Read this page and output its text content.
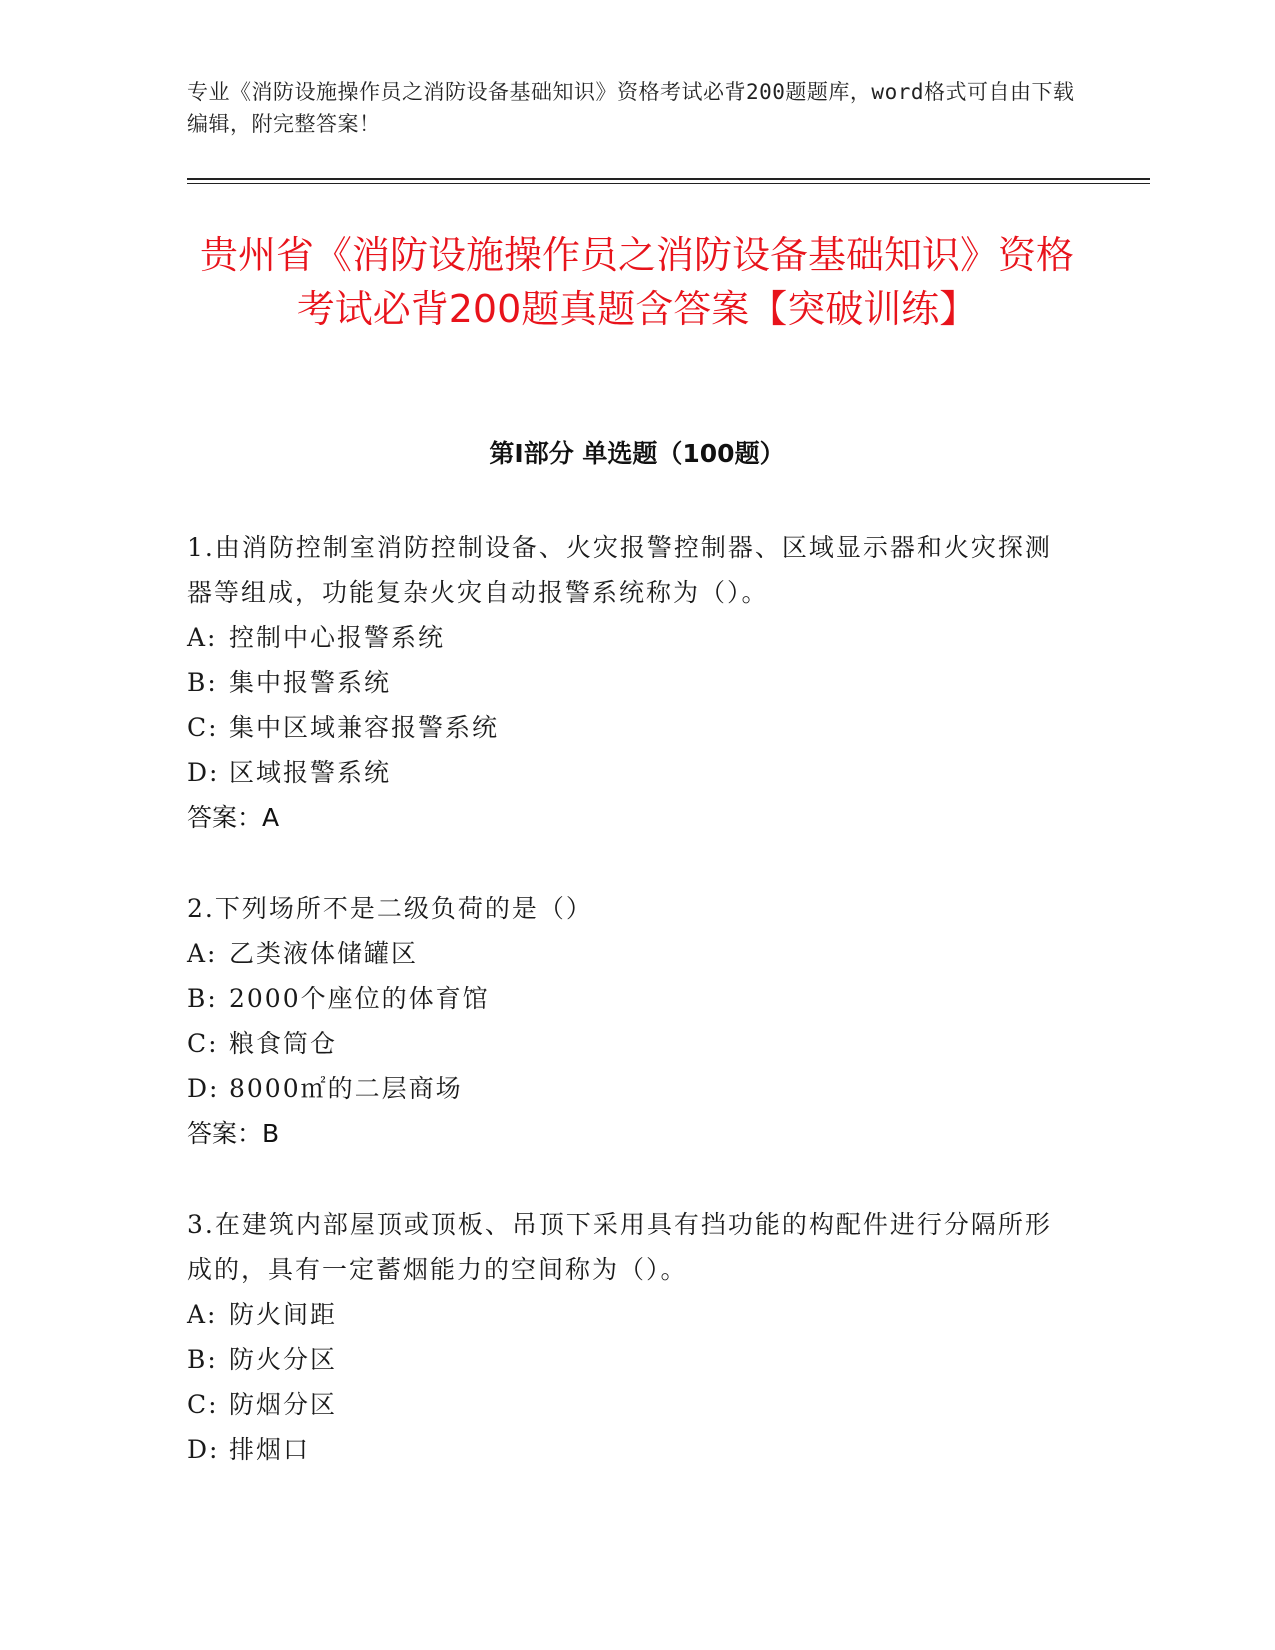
专业《消防设施操作员之消防设备基础知识》资格考试必背200题题库，word格式可自由下载编辑，附完整答案！
贵州省《消防设施操作员之消防设备基础知识》资格考试必背200题真题含答案【突破训练】
第I部分 单选题（100题）

1.由消防控制室消防控制设备、火灾报警控制器、区域显示器和火灾探测器等组成，功能复杂火灾自动报警系统称为（）。

A: 控制中心报警系统

B: 集中报警系统

C: 集中区域兼容报警系统

D: 区域报警系统

答案：A

2.下列场所不是二级负荷的是（）

A: 乙类液体储罐区

B: 2000个座位的体育馆

C: 粮食筒仓

D: 8000㎡的二层商场

答案：B

3.在建筑内部屋顶或顶板、吊顶下采用具有挡功能的构配件进行分隔所形成的，具有一定蓄烟能力的空间称为（）。

A: 防火间距

B: 防火分区

C: 防烟分区

D: 排烟口
